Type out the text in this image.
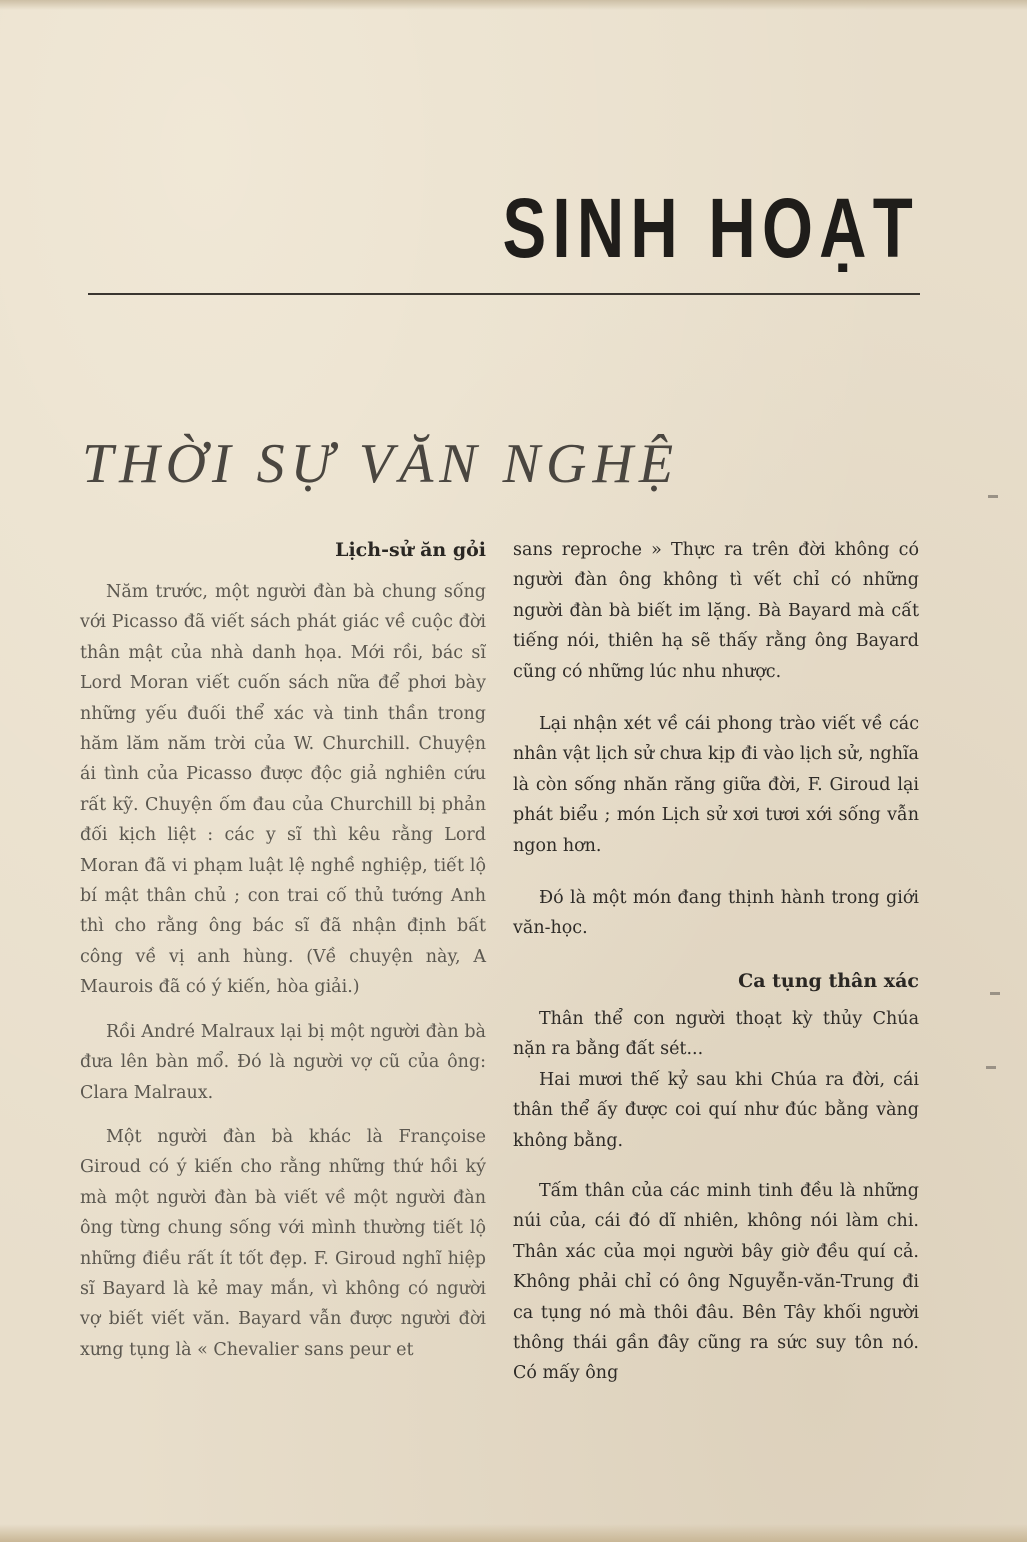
SINH HOẠT
THỜI SỰ VĂN NGHỆ
Lịch-sử ăn gỏi

Năm trước, một người đàn bà chung sống với Picasso đã viết sách phát giác về cuộc đời thân mật của nhà danh họa. Mới rồi, bác sĩ Lord Moran viết cuốn sách nữa để phơi bày những yếu đuối thể xác và tinh thần trong hăm lăm năm trời của W. Churchill. Chuyện ái tình của Picasso được độc giả nghiên cứu rất kỹ. Chuyện ốm đau của Churchill bị phản đối kịch liệt : các y sĩ thì kêu rằng Lord Moran đã vi phạm luật lệ nghề nghiệp, tiết lộ bí mật thân chủ ; con trai cố thủ tướng Anh thì cho rằng ông bác sĩ đã nhận định bất công về vị anh hùng. (Về chuyện này, A Maurois đã có ý kiến, hòa giải.)

Rồi André Malraux lại bị một người đàn bà đưa lên bàn mổ. Đó là người vợ cũ của ông: Clara Malraux.

Một người đàn bà khác là Françoise Giroud có ý kiến cho rằng những thứ hồi ký mà một người đàn bà viết về một người đàn ông từng chung sống với mình thường tiết lộ những điều rất ít tốt đẹp. F. Giroud nghĩ hiệp sĩ Bayard là kẻ may mắn, vì không có người vợ biết viết văn. Bayard vẫn được người đời xưng tụng là « Chevalier sans peur et

sans reproche » Thực ra trên đời không có người đàn ông không tì vết chỉ có những người đàn bà biết im lặng. Bà Bayard mà cất tiếng nói, thiên hạ sẽ thấy rằng ông Bayard cũng có những lúc nhu nhược.

Lại nhận xét về cái phong trào viết về các nhân vật lịch sử chưa kịp đi vào lịch sử, nghĩa là còn sống nhăn răng giữa đời, F. Giroud lại phát biểu ; món Lịch sử xơi tươi xới sống vẫn ngon hơn.

Đó là một món đang thịnh hành trong giới văn-học.

Ca tụng thân xác

Thân thể con người thoạt kỳ thủy Chúa nặn ra bằng đất sét...

Hai mươi thế kỷ sau khi Chúa ra đời, cái thân thể ấy được coi quí như đúc bằng vàng không bằng.

Tấm thân của các minh tinh đều là những núi của, cái đó dĩ nhiên, không nói làm chi. Thân xác của mọi người bây giờ đều quí cả. Không phải chỉ có ông Nguyễn-văn-Trung đi ca tụng nó mà thôi đâu. Bên Tây khối người thông thái gần đây cũng ra sức suy tôn nó. Có mấy ông
